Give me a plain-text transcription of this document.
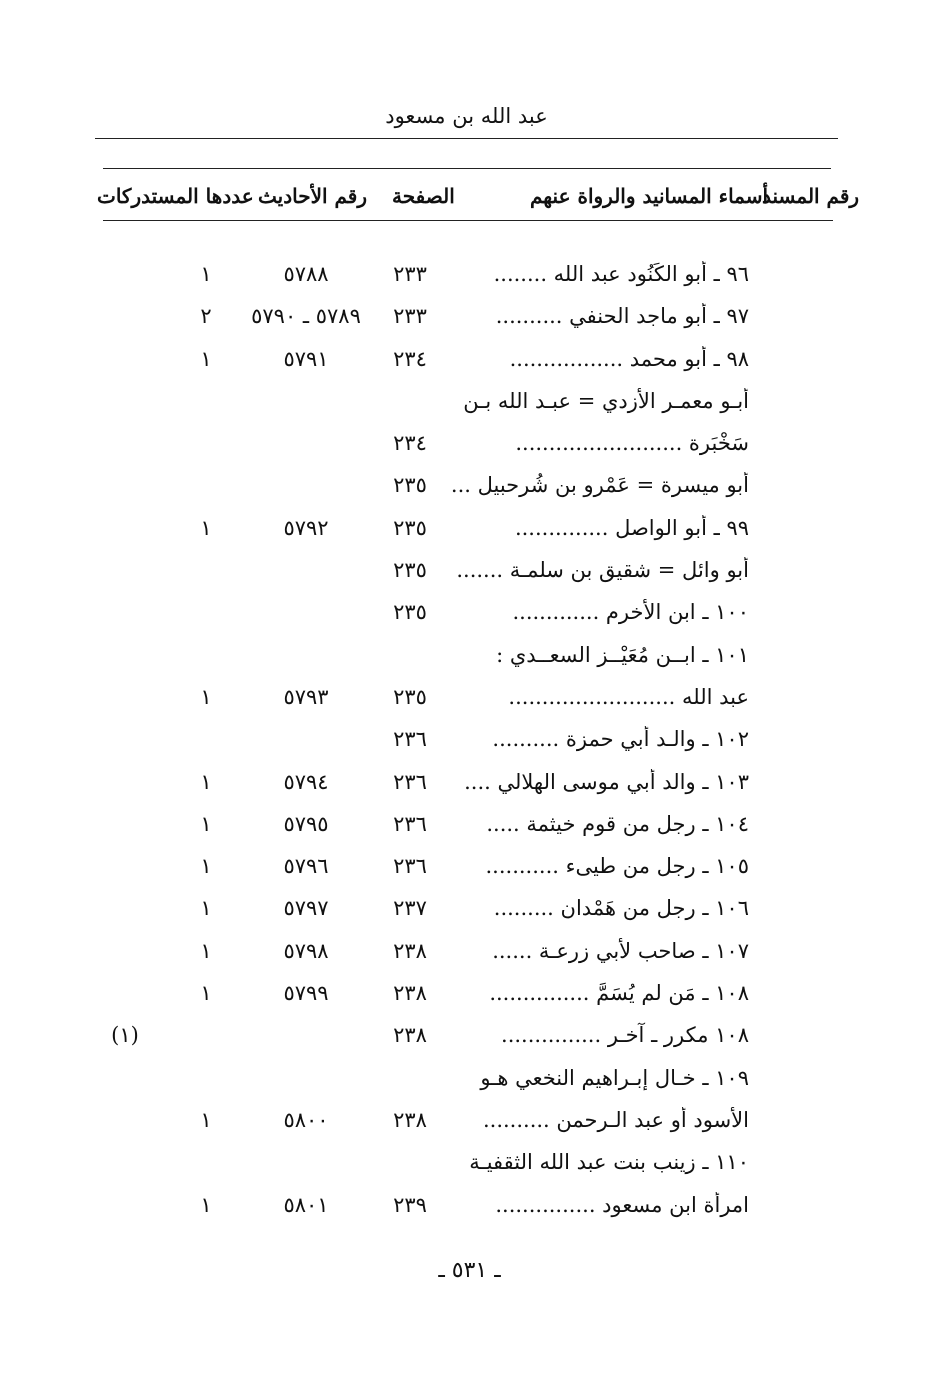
عبد الله بن مسعود
رقم المسند
أسماء المسانيد والرواة عنهم
الصفحة
رقم الأحاديث
عددها المستدركات
٩٦ ـ أبو الكَنُود عبد الله ........
٢٣٣
٥٧٨٨
١
٩٧ ـ أبو ماجد الحنفي ..........
٢٣٣
٥٧٨٩ ـ ٥٧٩٠
٢
٩٨ ـ أبو محمد .................
٢٣٤
٥٧٩١
١
أبـو معمـر الأزدي = عبـد الله بـن
سَخْبَرة .........................
٢٣٤
أبو ميسرة = عَمْرو بن شُرحبيل ...
٢٣٥
٩٩ ـ أبو الواصل ..............
٢٣٥
٥٧٩٢
١
أبو وائل = شقيق بن سلمـة .......
٢٣٥
١٠٠ ـ ابن الأخرم .............
٢٣٥
١٠١ ـ ابــن مُعَيْــز السعــدي :
عبد الله .........................
٢٣٥
٥٧٩٣
١
١٠٢ ـ والـد أبي حمزة ..........
٢٣٦
١٠٣ ـ والد أبي موسى الهلالي ....
٢٣٦
٥٧٩٤
١
١٠٤ ـ رجل من قوم خيثمة .....
٢٣٦
٥٧٩٥
١
١٠٥ ـ رجل من طيىء ...........
٢٣٦
٥٧٩٦
١
١٠٦ ـ رجل من هَمْدان .........
٢٣٧
٥٧٩٧
١
١٠٧ ـ صاحب لأبي زرعـة ......
٢٣٨
٥٧٩٨
١
١٠٨ ـ مَن لم يُسَمَّ ...............
٢٣٨
٥٧٩٩
١
١٠٨ مكرر ـ آخـر ...............
٢٣٨
(١)
١٠٩ ـ خـال إبـراهيم النخعي هـو
الأسود أو عبد الـرحمن ..........
٢٣٨
٥٨٠٠
١
١١٠ ـ زينب بنت عبد الله الثقفيـة
امرأة ابن مسعود ...............
٢٣٩
٥٨٠١
١
ـ ٥٣١ ـ
